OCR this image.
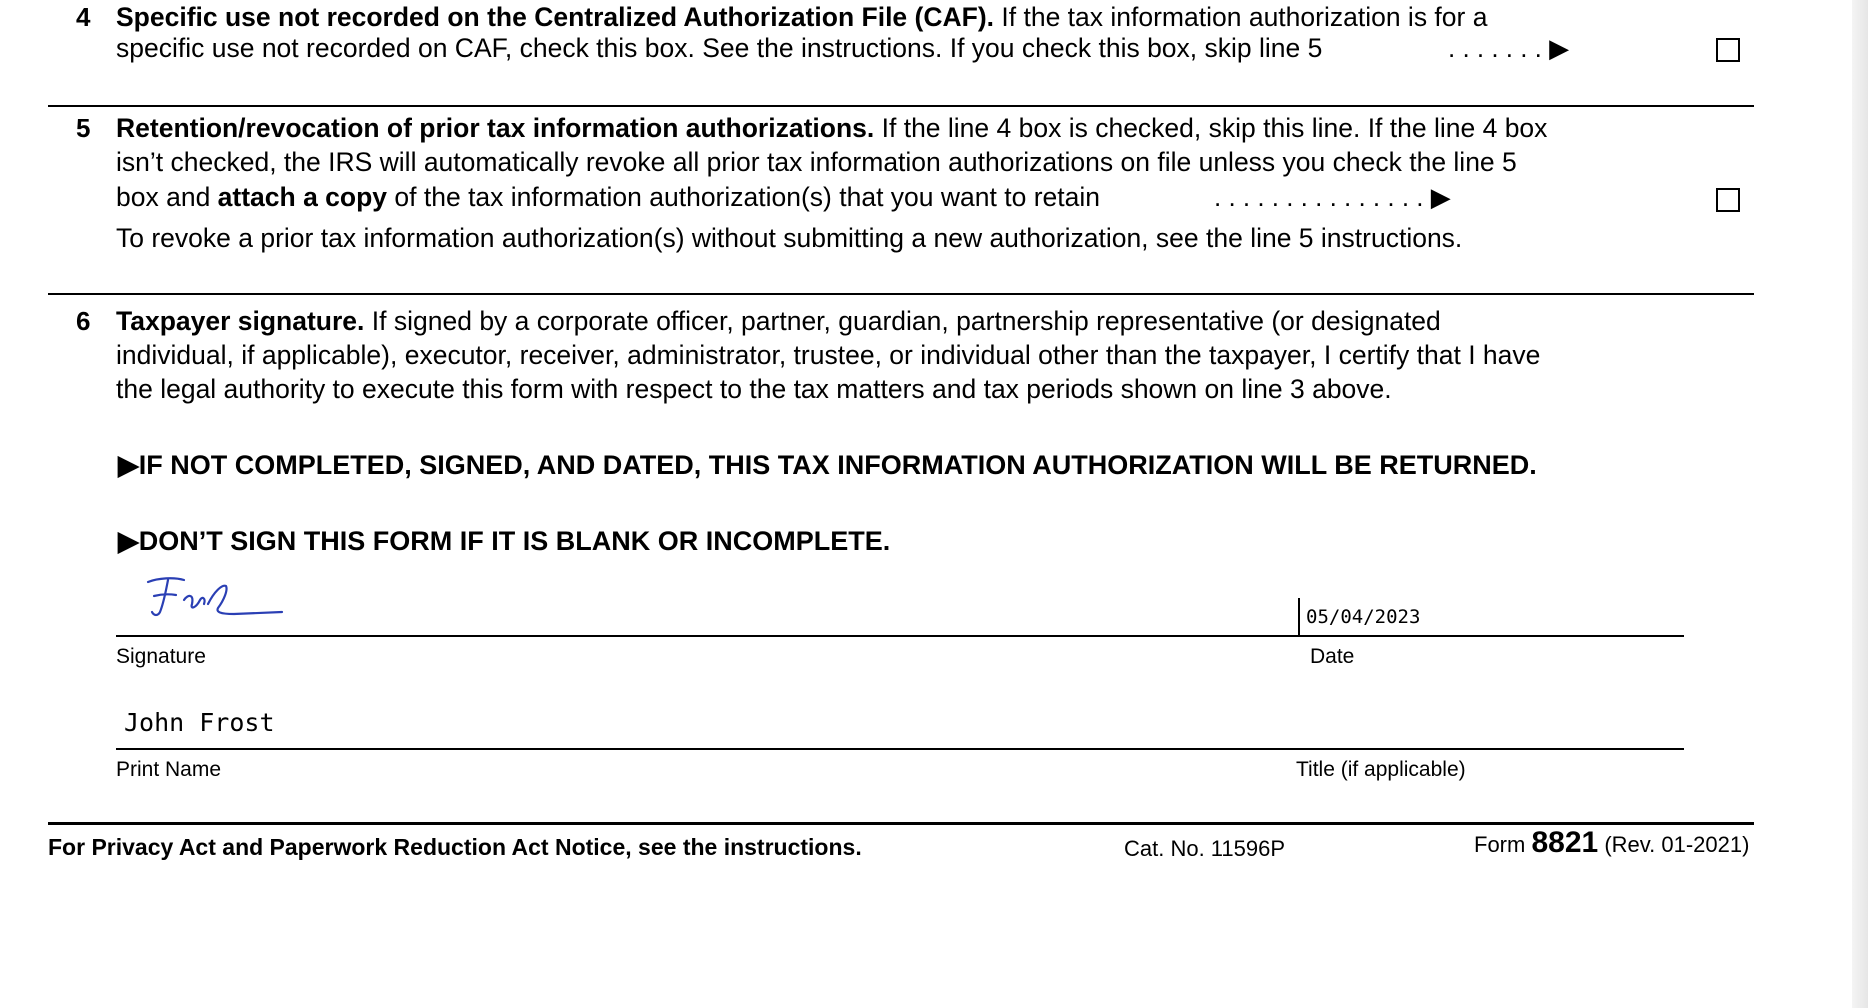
4 Specific use not recorded on the Centralized Authorization File (CAF). If the tax information authorization is for a
specific use not recorded on CAF, check this box. See the instructions. If you check this box, skip line 5	. . . . . . . ▶
5 Retention/revocation of prior tax information authorizations. If the line 4 box is checked, skip this line. If the line 4 box
isn’t checked, the IRS will automatically revoke all prior tax information authorizations on file unless you check the line 5
box and attach a copy of the tax information authorization(s) that you want to retain	. . . . . . . . . . . . . . . ▶
To revoke a prior tax information authorization(s) without submitting a new authorization, see the line 5 instructions.
6 Taxpayer signature. If signed by a corporate officer, partner, guardian, partnership representative (or designated
individual, if applicable), executor, receiver, administrator, trustee, or individual other than the taxpayer, I certify that I have
the legal authority to execute this form with respect to the tax matters and tax periods shown on line 3 above.
▶IF NOT COMPLETED, SIGNED, AND DATED, THIS TAX INFORMATION AUTHORIZATION WILL BE RETURNED.
▶DON’T SIGN THIS FORM IF IT IS BLANK OR INCOMPLETE.
05/04/2023
Signature	Date
John Frost
Print Name	Title (if applicable)
For Privacy Act and Paperwork Reduction Act Notice, see the instructions.	Cat. No. 11596P	Form 8821 (Rev. 01-2021)
